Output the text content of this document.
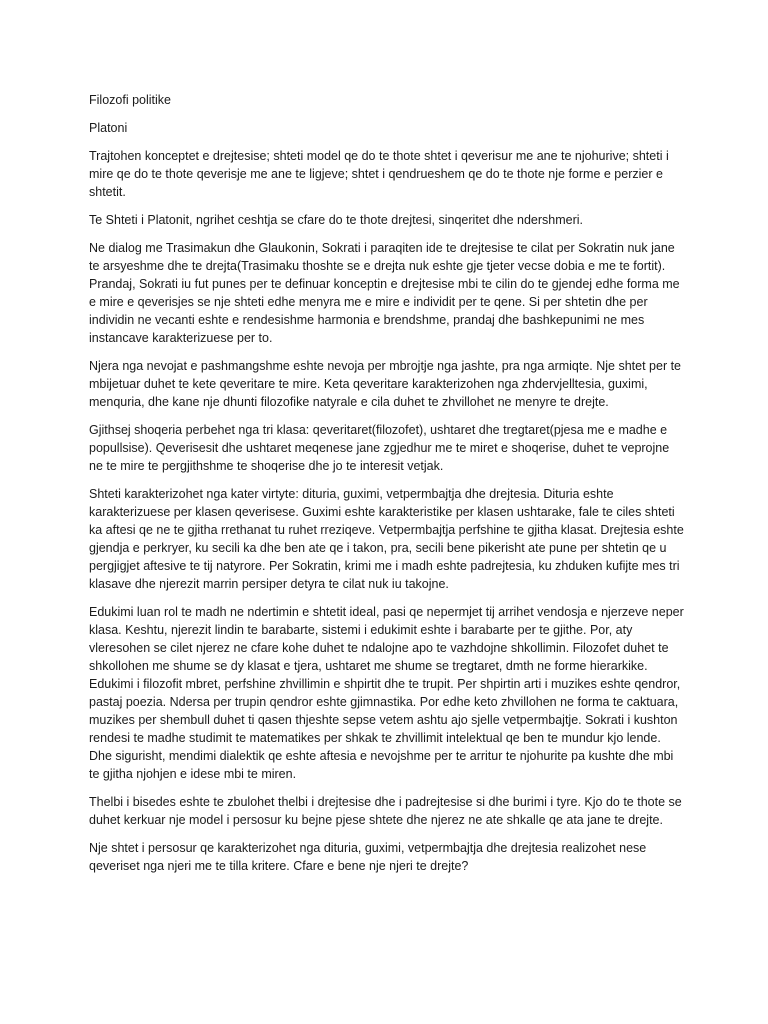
Filozofi politike

Platoni

Trajtohen konceptet e drejtesise; shteti model qe do te thote shtet i qeverisur me ane te njohurive; shteti i mire qe do te thote qeverisje me ane te ligjeve; shtet i qendrueshem qe do te thote nje forme e perzier e shtetit.

Te Shteti i Platonit, ngrihet ceshtja se cfare do te thote drejtesi, sinqeritet dhe ndershmeri.

Ne dialog me Trasimakun dhe Glaukonin, Sokrati i paraqiten ide te drejtesise te cilat per Sokratin nuk jane te arsyeshme dhe te drejta(Trasimaku thoshte se e drejta nuk eshte gje tjeter vecse dobia e me te fortit). Prandaj, Sokrati iu fut punes per te definuar konceptin e drejtesise mbi te cilin do te gjendej edhe forma me e mire e qeverisjes se nje shteti edhe menyra me e mire e individit per te qene. Si per shtetin dhe per individin ne vecanti eshte e rendesishme harmonia e brendshme, prandaj dhe bashkepunimi ne mes instancave karakterizuese per to.

Njera nga nevojat e pashmangshme eshte nevoja per mbrojtje nga jashte, pra nga armiqte. Nje shtet per te mbijetuar duhet te kete qeveritare te mire. Keta qeveritare karakterizohen nga zhdervjelltesia, guximi, menquria, dhe kane nje dhunti filozofike natyrale e cila duhet te zhvillohet ne menyre te drejte.

Gjithsej shoqeria perbehet nga tri klasa: qeveritaret(filozofet), ushtaret dhe tregtaret(pjesa me e madhe e popullsise). Qeverisesit dhe ushtaret meqenese jane zgjedhur me te miret e shoqerise, duhet te veprojne ne te mire te pergjithshme te shoqerise dhe jo te interesit vetjak.

Shteti karakterizohet nga kater virtyte: dituria, guximi, vetpermbajtja dhe drejtesia. Dituria eshte karakterizuese per klasen qeverisese. Guximi eshte karakteristike per klasen ushtarake, fale te ciles shteti ka aftesi qe ne te gjitha rrethanat tu ruhet rreziqeve. Vetpermbajtja perfshine te gjitha klasat. Drejtesia eshte gjendja e perkryer, ku secili ka dhe ben ate qe i takon, pra, secili bene pikerisht ate pune per shtetin qe u pergjigjet aftesive te tij natyrore. Per Sokratin, krimi me i madh eshte padrejtesia, ku zhduken kufijte mes tri klasave dhe njerezit marrin persiper detyra te cilat nuk iu takojne.

Edukimi luan rol te madh ne ndertimin e shtetit ideal, pasi qe nepermjet tij arrihet vendosja e njerzeve neper klasa. Keshtu, njerezit lindin te barabarte, sistemi i edukimit eshte i barabarte per te gjithe. Por, aty vleresohen se cilet njerez ne cfare kohe duhet te ndalojne apo te vazhdojne shkollimin. Filozofet duhet te shkollohen me shume se dy klasat e tjera, ushtaret me shume se tregtaret, dmth ne forme hierarkike. Edukimi i filozofit mbret, perfshine zhvillimin e shpirtit dhe te trupit. Per shpirtin arti i muzikes eshte qendror, pastaj poezia. Ndersa per trupin qendror eshte gjimnastika. Por edhe keto zhvillohen ne forma te caktuara, muzikes per shembull duhet ti qasen thjeshte sepse vetem ashtu ajo sjelle vetpermbajtje. Sokrati i kushton rendesi te madhe studimit te matematikes per shkak te zhvillimit intelektual qe ben te mundur kjo lende. Dhe sigurisht, mendimi dialektik qe eshte aftesia e nevojshme per te arritur te njohurite pa kushte dhe mbi te gjitha njohjen e idese mbi te miren.

Thelbi i bisedes eshte te zbulohet thelbi i drejtesise dhe i padrejtesise si dhe burimi i tyre. Kjo do te thote se duhet kerkuar nje model i persosur ku bejne pjese shtete dhe njerez ne ate shkalle qe ata jane te drejte.

Nje shtet i persosur qe karakterizohet nga dituria, guximi, vetpermbajtja dhe drejtesia realizohet nese qeveriset nga njeri me te tilla kritere. Cfare e bene nje njeri te drejte?
